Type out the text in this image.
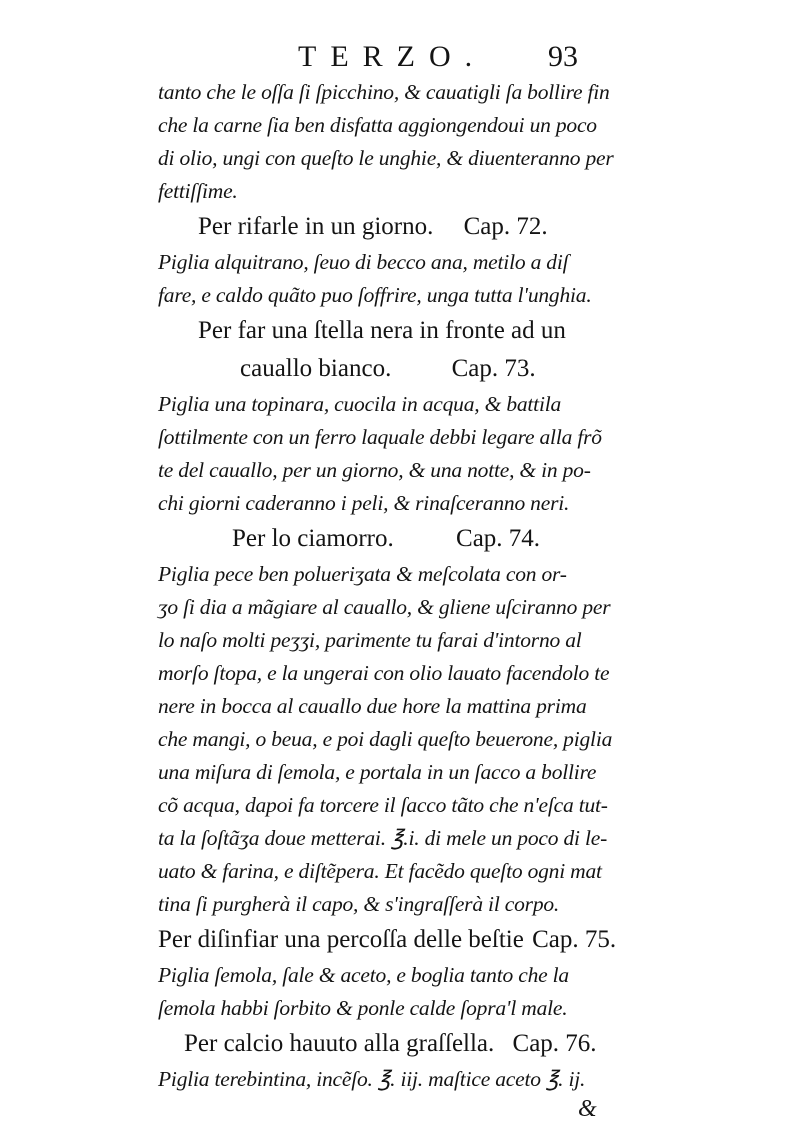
TERZO. 93
tanto che le oſſa ſi ſpicchino, & cauatigli ſa bollire fin
che la carne ſia ben disfatta aggiongendoui un poco
di olio, ungi con queſto le unghie, & diuenteranno per
fettiſſime.
Per rifarle in un giorno. Cap. 72.
Piglia alquitrano, ſeuo di becco ana, metilo a diſ
fare, e caldo quãto puo ſoffrire, unga tutta l'unghia.
Per far una ſtella nera in fronte ad un
cauallo bianco. Cap. 73.
Piglia una topinara, cuocila in acqua, & battila
ſottilmente con un ferro laquale debbi legare alla frõ
te del cauallo, per un giorno, & una notte, & in po-
chi giorni caderanno i peli, & rinaſceranno neri.
Per lo ciamorro. Cap. 74.
Piglia pece ben polueriʒata & meſcolata con or-
ʒo ſi dia a mãgiare al cauallo, & gliene uſciranno per
lo naſo molti peʒʒi, parimente tu farai d'intorno al
morſo ſtopa, e la ungerai con olio lauato facendolo te
nere in bocca al cauallo due hore la mattina prima
che mangi, o beua, e poi dagli queſto beuerone, piglia
una miſura di ſemola, e portala in un ſacco a bollire
cõ acqua, dapoi fa torcere il ſacco tãto che n'eſca tut-
ta la ſoſtãʒa doue metterai. ℥.i. di mele un poco di le-
uato & farina, e diſtẽpera. Et facẽdo queſto ogni mat
tina ſi purgherà il capo, & s'ingraſſerà il corpo.
Per diſinfiar una percoſſa delle beſtie Cap. 75.
Piglia ſemola, ſale & aceto, e boglia tanto che la
ſemola habbi ſorbito & ponle calde ſopra'l male.
Per calcio hauuto alla graſſella. Cap. 76.
Piglia terebintina, incẽſo. ℥. iij. maſtice aceto ℥. ij.
&
